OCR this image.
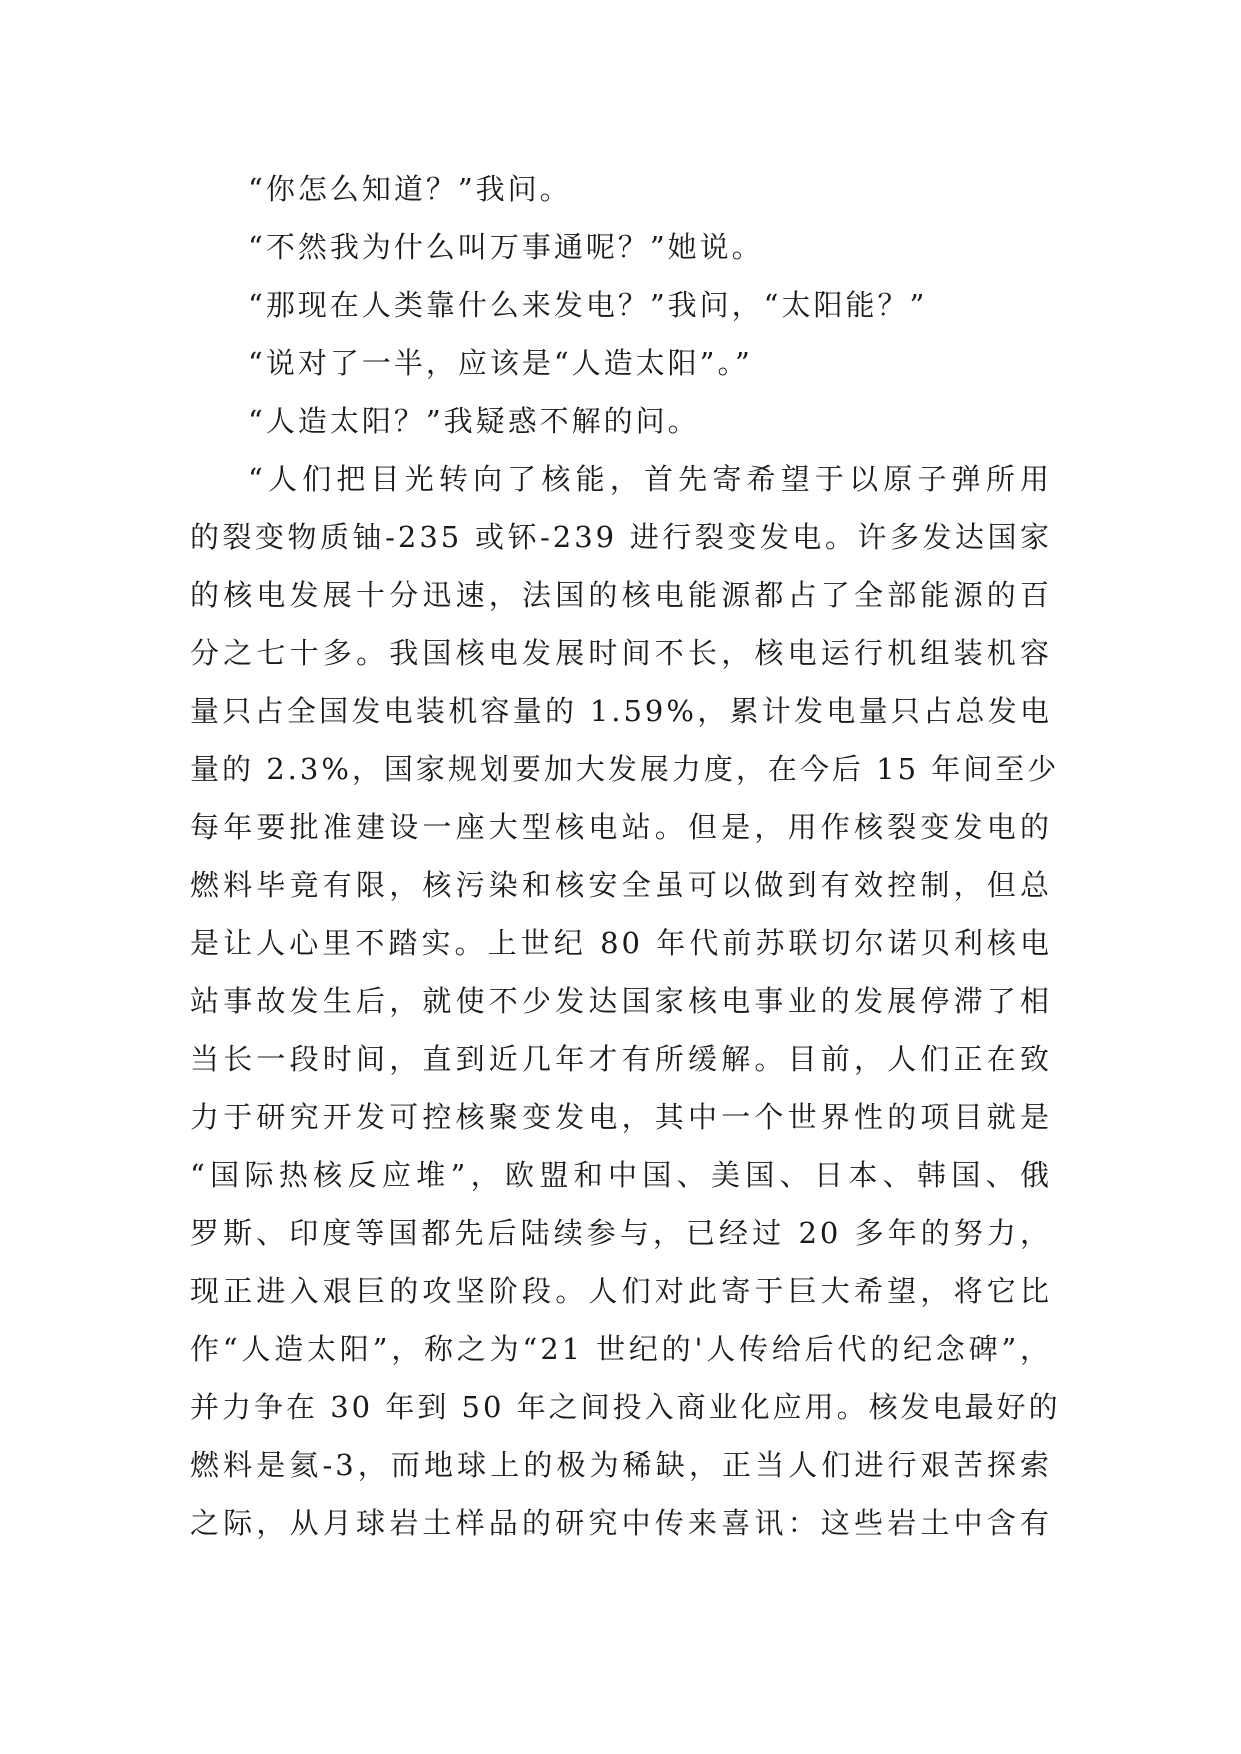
“你怎么知道？”我问。
“不然我为什么叫万事通呢？”她说。
“那现在人类靠什么来发电？”我问，“太阳能？”
“说对了一半，应该是“人造太阳”。”
“人造太阳？”我疑惑不解的问。
“人们把目光转向了核能，首先寄希望于以原子弹所用
的裂变物质铀-235 或钚-239 进行裂变发电。许多发达国家
的核电发展十分迅速，法国的核电能源都占了全部能源的百
分之七十多。我国核电发展时间不长，核电运行机组装机容
量只占全国发电装机容量的 1.59%，累计发电量只占总发电
量的 2.3%，国家规划要加大发展力度，在今后 15 年间至少
每年要批准建设一座大型核电站。但是，用作核裂变发电的
燃料毕竟有限，核污染和核安全虽可以做到有效控制，但总
是让人心里不踏实。上世纪 80 年代前苏联切尔诺贝利核电
站事故发生后，就使不少发达国家核电事业的发展停滞了相
当长一段时间，直到近几年才有所缓解。目前，人们正在致
力于研究开发可控核聚变发电，其中一个世界性的项目就是
“国际热核反应堆”，欧盟和中国、美国、日本、韩国、俄
罗斯、印度等国都先后陆续参与，已经过 20 多年的努力，
现正进入艰巨的攻坚阶段。人们对此寄于巨大希望，将它比
作“人造太阳”，称之为“21 世纪的'人传给后代的纪念碑”，
并力争在 30 年到 50 年之间投入商业化应用。核发电最好的
燃料是氦-3，而地球上的极为稀缺，正当人们进行艰苦探索
之际，从月球岩土样品的研究中传来喜讯：这些岩土中含有
